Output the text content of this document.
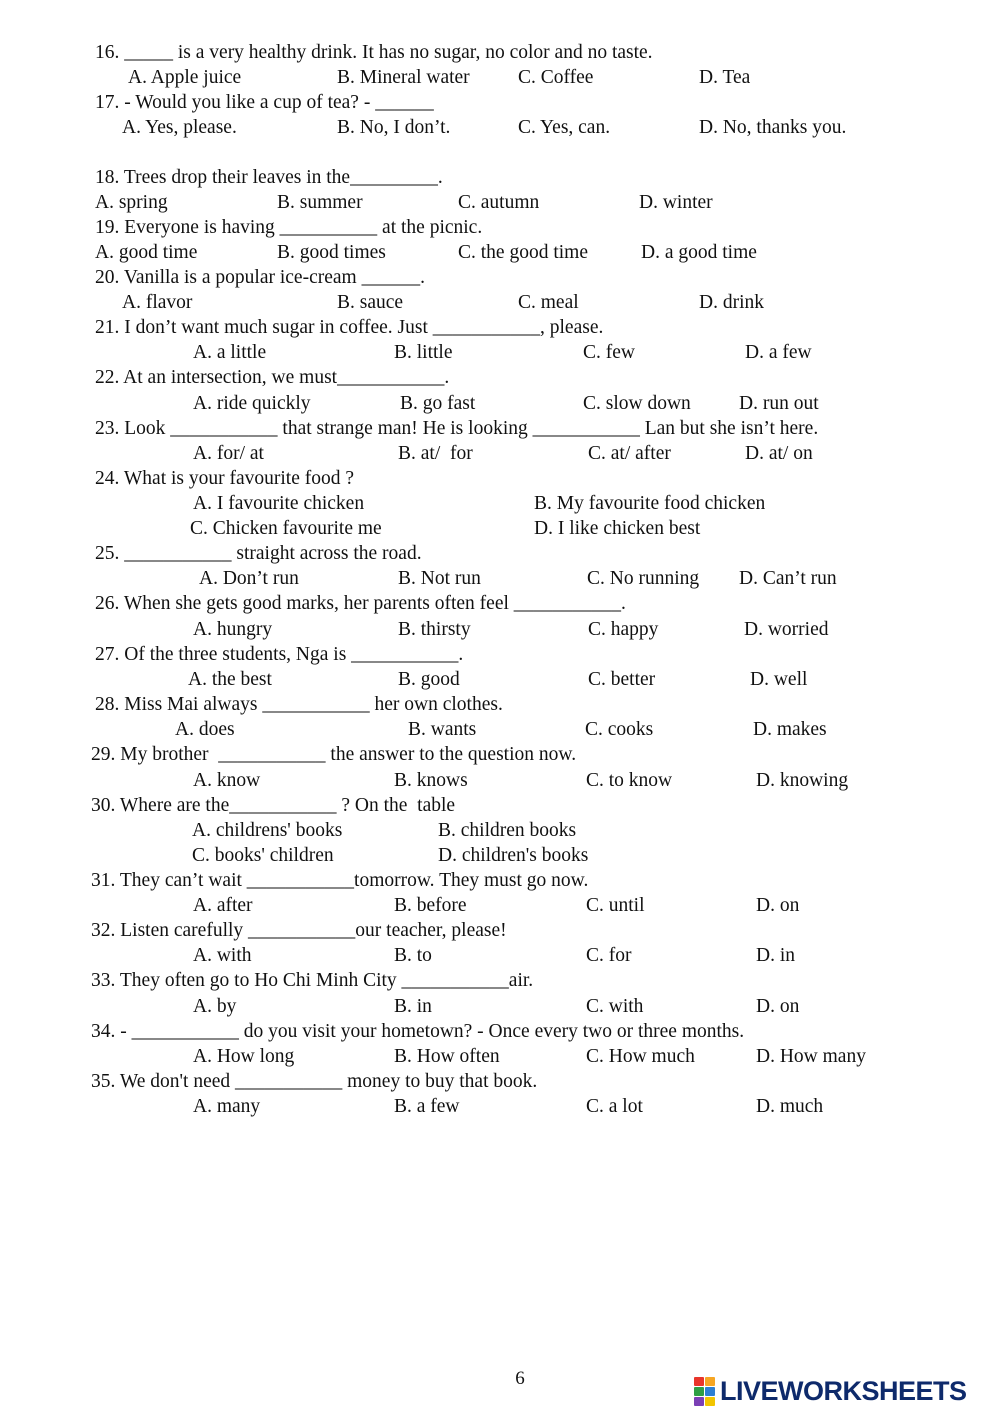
16. _____ is a very healthy drink. It has no sugar, no color and no taste.
A. Apple juice	B. Mineral water C. Coffee	D. Tea
17. - Would you like a cup of tea? - ______
A. Yes, please.	B. No, I don’t.	C. Yes, can.	D. No, thanks you.
18. Trees drop their leaves in the_________.
A. spring	B. summer	C. autumn	D. winter
19. Everyone is having __________ at the picnic.
A. good time	B. good times	C. the good time	D. a good time
20. Vanilla is a popular ice-cream ______.
A. flavor	B. sauce	C. meal	D. drink
21. I don’t want much sugar in coffee. Just ___________, please.
A. a little	B. little	C. few	D. a few
22. At an intersection, we must___________.
A. ride quickly	B. go fast	C. slow down D. run out
23. Look ___________ that strange man! He is looking ___________ Lan but she isn’t here.
A. for/ at	B. at/  for	C. at/ after	D. at/ on
24. What is your favourite food ?
A. I favourite chicken	B. My favourite food chicken
C. Chicken favourite me	D. I like chicken best
25. ___________ straight across the road.
A. Don’t run	B. Not run	C. No running D. Can’t run
26. When she gets good marks, her parents often feel ___________.
A. hungry	B. thirsty	C. happy	D. worried
27. Of the three students, Nga is ___________.
A. the best	B. good	C. better	D. well
28. Miss Mai always ___________ her own clothes.
A. does	B. wants	C. cooks	D. makes
29. My brother  ___________ the answer to the question now.
A. know	B. knows	C. to know	D. knowing
30. Where are the___________ ? On the  table
A. childrens' books	B. children books
C. books' children	D. children's books
31. They can’t wait ___________tomorrow. They must go now.
A. after	B. before	C. until	D. on
32. Listen carefully ___________our teacher, please!
A. with	B. to	C. for	D. in
33. They often go to Ho Chi Minh City ___________air.
A. by	B. in	C. with	D. on
34. - ___________ do you visit your hometown? - Once every two or three months.
A. How long	B. How often	C. How much	D. How many
35. We don't need ___________ money to buy that book.
A. many	B. a few	C. a lot	D. much
6	LIVEWORKSHEETS
